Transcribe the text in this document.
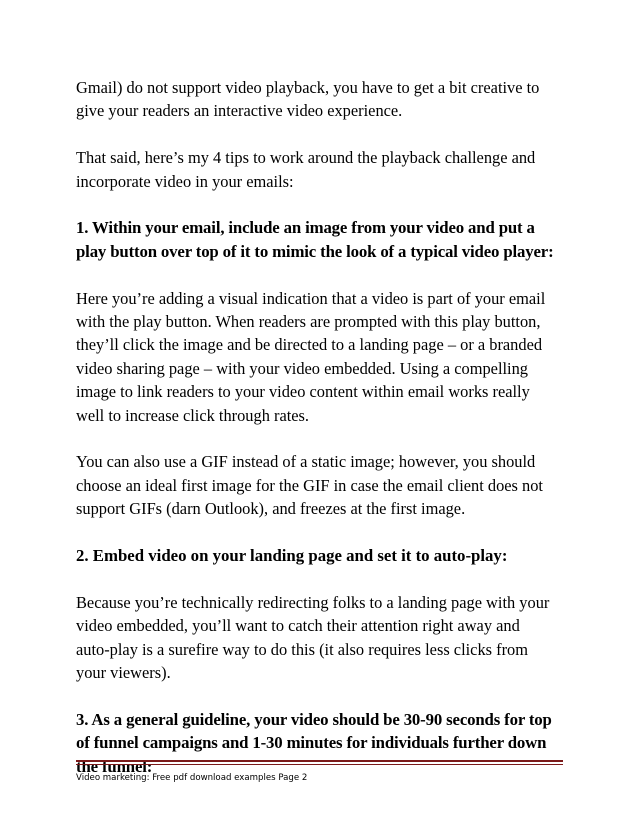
Gmail) do not support video playback, you have to get a bit creative to
give your readers an interactive video experience.

That said, here’s my 4 tips to work around the playback challenge and
incorporate video in your emails:

1. Within your email, include an image from your video and put a
play button over top of it to mimic the look of a typical video player:

Here you’re adding a visual indication that a video is part of your email
with the play button. When readers are prompted with this play button,
they’ll click the image and be directed to a landing page – or a branded
video sharing page – with your video embedded. Using a compelling
image to link readers to your video content within email works really
well to increase click through rates.

You can also use a GIF instead of a static image; however, you should
choose an ideal first image for the GIF in case the email client does not
support GIFs (darn Outlook), and freezes at the first image.

2. Embed video on your landing page and set it to auto-play:

Because you’re technically redirecting folks to a landing page with your
video embedded, you’ll want to catch their attention right away and
auto-play is a surefire way to do this (it also requires less clicks from
your viewers).

3. As a general guideline, your video should be 30-90 seconds for top
of funnel campaigns and 1-30 minutes for individuals further down
the funnel:

Video marketing: Free pdf download examples Page 2
